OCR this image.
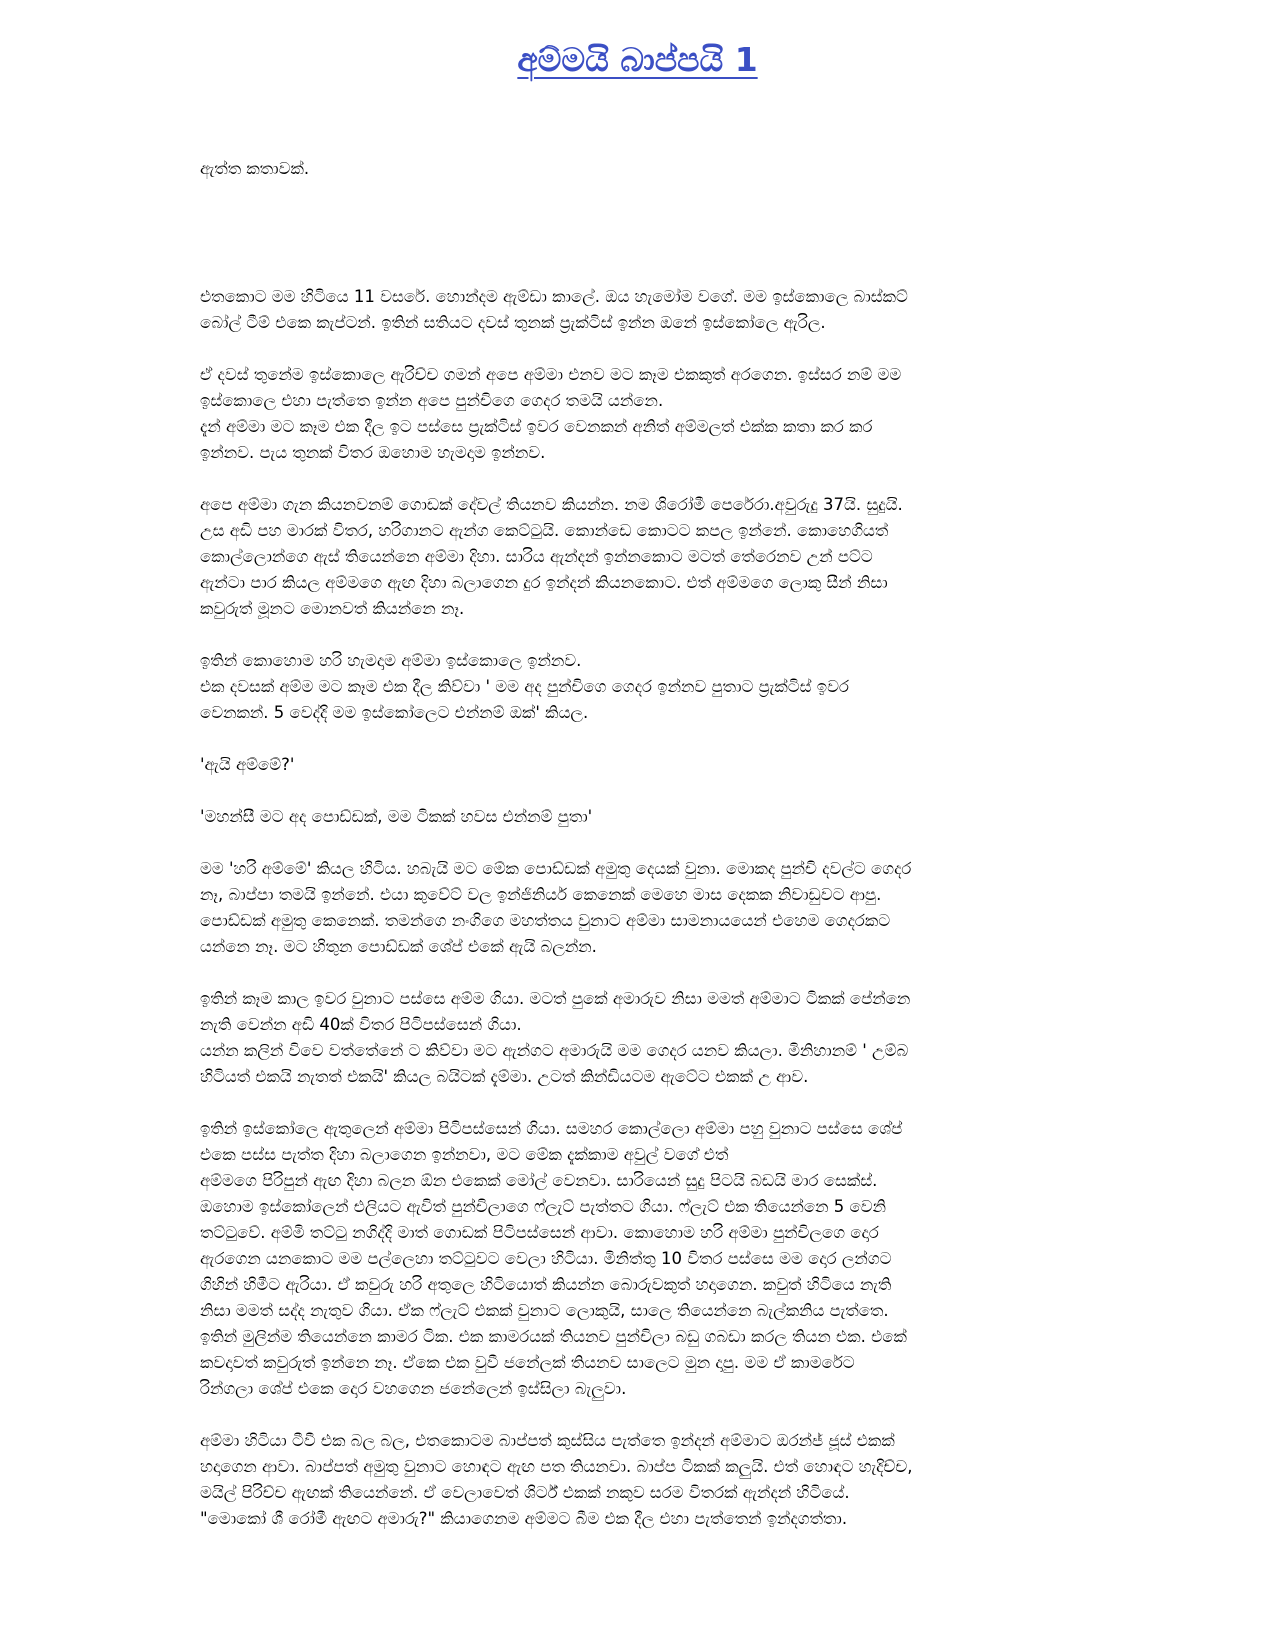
අම්මයි බාප්පයි 1

ඇත්ත කතාවක්.

එතකොට මම හිටියෙ 11 වසරේ. හොන්දම ඇම්ඩා කාලේ. ඔය හැමෝම වගේ. මම ඉස්කොලෙ බාස්කට්
බෝල් ටීම් එකෙ කැප්ටන්. ඉතින් සතියට දවස් තුනක් ප්‍රැක්ටිස් ඉන්න ඔනේ ඉස්කෝලෙ ඇරිල.

ඒ දවස් තුනේම ඉස්කොලෙ ඇරිච්ච ගමන් අපෙ අම්මා එනව මට කෑම එකකුත් අරගෙන. ඉස්සර නම් මම
ඉස්කොලෙ එහා පැත්තෙ ඉන්න අපෙ පුන්චිගෙ ගෙදර තමයි යන්නෙ.
දැන් අම්මා මට කෑම එක දීල ඉට පස්සෙ ප්‍රැක්ටිස් ඉවර වෙනකන් අනිත් අම්මලත් එක්ක කතා කර කර
ඉන්නව. පැය තුනක් විතර ඔහොම හැමදාම ඉන්නව.

අපෙ අම්මා ගැන කියනවනම් ගොඩක් දේවල් තියනව කියන්න. නම ශිරෝමී පෙරේරා.අවුරුදු 37යි. සුදුයි.
උස අඩි පහ මාරක් විතර, හරිගානට ඇන්ග කෙට්ටුයි. කොන්ඩෙ කොටට කපල ඉන්නේ. කොහෙගියත්
කොල්ලොන්ගෙ ඇස් තියෙන්නෙ අම්මා දිහා. සාරිය ඇන්දන් ඉන්නකොට මටත් තේරෙනව උන් පට්ට
ඇන්ටා පාර කියල අම්මගෙ ඇඟ දිහා බලාගෙන දුර ඉන්දන් කියනකොට. එත් අම්මගෙ ලොකු සීන් නිසා
කවුරුත් මූනට මොනවත් කියන්නෙ නෑ.

ඉතින් කොහොම හරි හැමදාම අම්මා ඉස්කොලෙ ඉන්නව.
එක දවසක් අම්ම මට කෑම එක දීල කිව්වා ' මම අද පුන්චිගෙ ගෙදර ඉන්නව පුතාට ප්‍රැක්ටිස් ඉවර
වෙනකන්. 5 වෙද්දි මම ඉස්කෝලෙට එන්නම් ඔක්' කියල.

'ඇයි අම්මේ?'

'මහන්සී මට අද පොඩ්ඩක්, මම ටිකක් හවස එන්නම් පුතා'

මම 'හරි අම්මේ' කියල හිටිය. හබැයි මට මේක පොඩ්ඩක් අමුතු දෙයක් වුනා. මොකද පුන්චි දවල්ට ගෙදර
නෑ, බාප්පා තමයි ඉන්නේ. එයා කුවේට් වල ඉන්ජිනියර් කෙනෙක් මෙහෙ මාස දෙකක නිවාඩුවට ආපු.
පොඩ්ඩක් අමුතු කෙනෙක්. තමන්ගෙ නංගිගෙ මහත්තය වුනාට අම්මා සාමනායයෙන් එහෙම ගෙදරකට
යන්නෙ නෑ. මට හිතුන පොඩ්ඩක් ශේප් එකේ ඇයි බලන්න.

ඉතින් කෑම කාල ඉවර වුනාට පස්සෙ අම්ම ගියා. මටත් පුකේ අමාරුව නිසා මමත් අම්මාට ටිකක් පේන්නෙ
නැති වෙන්න අඩි 40ක් විතර පිටිපස්සෙන් ගියා.
යන්න කලින් විවෙ වත්තේනේ ට කිව්වා මට ඇන්ගට අමාරුයි මම ගෙදර යනව කියලා. මිනිහානම් ' උම්බ
හිටියත් එකයි නැතත් එකයි' කියල බයිටක් දැම්මා. උටත් කින්ඩියටම ඇටේට එකක් උ ආව.

ඉතින් ඉස්කෝලෙ ඇතුලෙන් අම්මා පිටිපස්සෙන් ගියා. සමහර කොල්ලො අම්මා පහු වුනාට පස්සෙ ශේප්
එකෙ පස්ස පැත්ත දිහා බලාගෙන ඉන්නවා, මට මේක දැක්කාම අවුල් වගේ එත්
අම්මගෙ පිරිපුන් ඇඟ දිහා බලන ඕන එකෙක් මෝල් වෙනවා. සාරියෙන් සුදු පිටයි බඩයි මාර සෙක්ස්.
ඔහොම ඉස්කෝලෙන් එලියට ඇවිත් පුන්චිලාගෙ ෆ්ලැට් පැත්තට ගියා. ෆ්ලැට් එක තියෙන්නෙ 5 වෙනි
තට්ටුවේ. අම්මි තට්ටු නගිද්දි මාත් ගොඩක් පිටිපස්සෙන් ආවා. කොහොම හරි අම්මා පුන්චිලගෙ දොර
ඇරගෙන යනකොට මම පල්ලෙහා තට්ටුවට වෙලා හිටියා. මිනිත්තු 10 විතර පස්සෙ මම දොර ලන්ගට
ගිහින් හිමීට ඇරියා. ඒ කවුරු හරි අතුලෙ හිටියොත් කියන්න බොරුවකුත් හදාගෙන. කවුත් හිටියෙ නැති
නිසා මමත් සද්ද නැතුව ගියා. ඒක ෆ්ලැට් එකක් වුනාට ලොකුයි, සාලෙ තියෙන්නෙ බැල්කනිය පැත්තෙ.
ඉතින් මුලින්ම තියෙන්නෙ කාමර ටික. එක කාමරයක් තියනව පුන්චිලා බඩු ගබඩා කරල තියන එක. එකේ
කවදාවත් කවුරුත් ඉන්නෙ නෑ. ඒකෙ එක වුවී ජනේලක් තියනව සාලෙට මුන දාපු. මම ඒ කාමරේට
රින්ගලා ශේප් එකෙ දොර වහගෙන ජනේලෙන් ඉස්සිලා බැලුවා.

අම්මා හිටියා ටීවී එක බල බල, එතකොටම බාප්පත් කුස්සිය පැත්තෙ ඉන්දන් අම්මාට ඔරන්ජ් ජූස් එකක්
හදාගෙන ආවා. බාප්පත් අමුතු වුනාට හොඳට ඇඟ පත තියනවා. බාප්ප ටිකක් කලුයි. එත් හොඳට හැදිච්ච,
මයිල් පිරිච්ච ඇඟක් තියෙන්නේ. ඒ වෙලාවෙත් ශිර්ට් එකක් නකුව සරම විතරක් ඇන්දන් හිටියේ.
"මොකෝ ශී රෝමී ඇඟට අමාරු?" කියාගෙනම අම්මට බීම එක දීල එහා පැත්තෙන් ඉන්දගත්තා.
